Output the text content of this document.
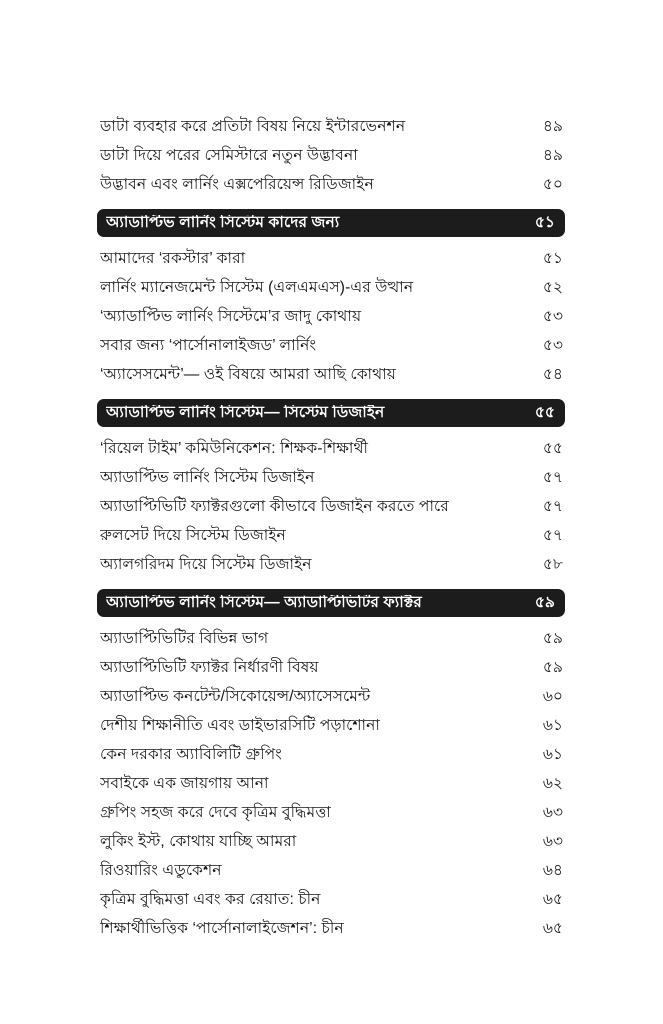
ডাটা ব্যবহার করে প্রতিটা বিষয় নিয়ে ইন্টারভেনশন	৪৯
ডাটা দিয়ে পরের সেমিস্টারে নতুন উদ্ভাবনা	৪৯
উদ্ভাবন এবং লার্নিং এক্সপেরিয়েন্স রিডিজাইন	৫০
অ্যাডাপ্টিভ লার্নিং সিস্টেম কাদের জন্য	৫১
আমাদের ‘রকস্টার’ কারা	৫১
লার্নিং ম্যানেজমেন্ট সিস্টেম (এলএমএস)-এর উত্থান	৫২
‘অ্যাডাপ্টিভ লার্নিং সিস্টেমে’র জাদু কোথায়	৫৩
সবার জন্য ‘পার্সোনালাইজড’ লার্নিং	৫৩
‘অ্যাসেসমেন্ট’— ওই বিষয়ে আমরা আছি কোথায়	৫৪
অ্যাডাপ্টিভ লার্নিং সিস্টেম— সিস্টেম ডিজাইন	৫৫
‘রিয়েল টাইম’ কমিউনিকেশন: শিক্ষক-শিক্ষার্থী	৫৫
অ্যাডাপ্টিভ লার্নিং সিস্টেম ডিজাইন	৫৭
অ্যাডাপ্টিভিটি ফ্যাক্টরগুলো কীভাবে ডিজাইন করতে পারে	৫৭
রুলসেট দিয়ে সিস্টেম ডিজাইন	৫৭
অ্যালগরিদম দিয়ে সিস্টেম ডিজাইন	৫৮
অ্যাডাপ্টিভ লার্নিং সিস্টেম— অ্যাডাপ্টিভিটির ফ্যাক্টর	৫৯
অ্যাডাপ্টিভিটির বিভিন্ন ভাগ	৫৯
অ্যাডাপ্টিভিটি ফ্যাক্টর নির্ধারণী বিষয়	৫৯
অ্যাডাপ্টিভ কনটেন্ট/সিকোয়েন্স/অ্যাসেসমেন্ট	৬০
দেশীয় শিক্ষানীতি এবং ডাইভারসিটি পড়াশোনা	৬১
কেন দরকার অ্যাবিলিটি গ্রুপিং	৬১
সবাইকে এক জায়গায় আনা	৬২
গ্রুপিং সহজ করে দেবে কৃত্রিম বুদ্ধিমত্তা	৬৩
লুকিং ইস্ট, কোথায় যাচ্ছি আমরা	৬৩
রিওয়ারিং এডুকেশন	৬৪
কৃত্রিম বুদ্ধিমত্তা এবং কর রেয়াত: চীন	৬৫
শিক্ষার্থীভিত্তিক ‘পার্সোনালাইজেশন’: চীন	৬৫
